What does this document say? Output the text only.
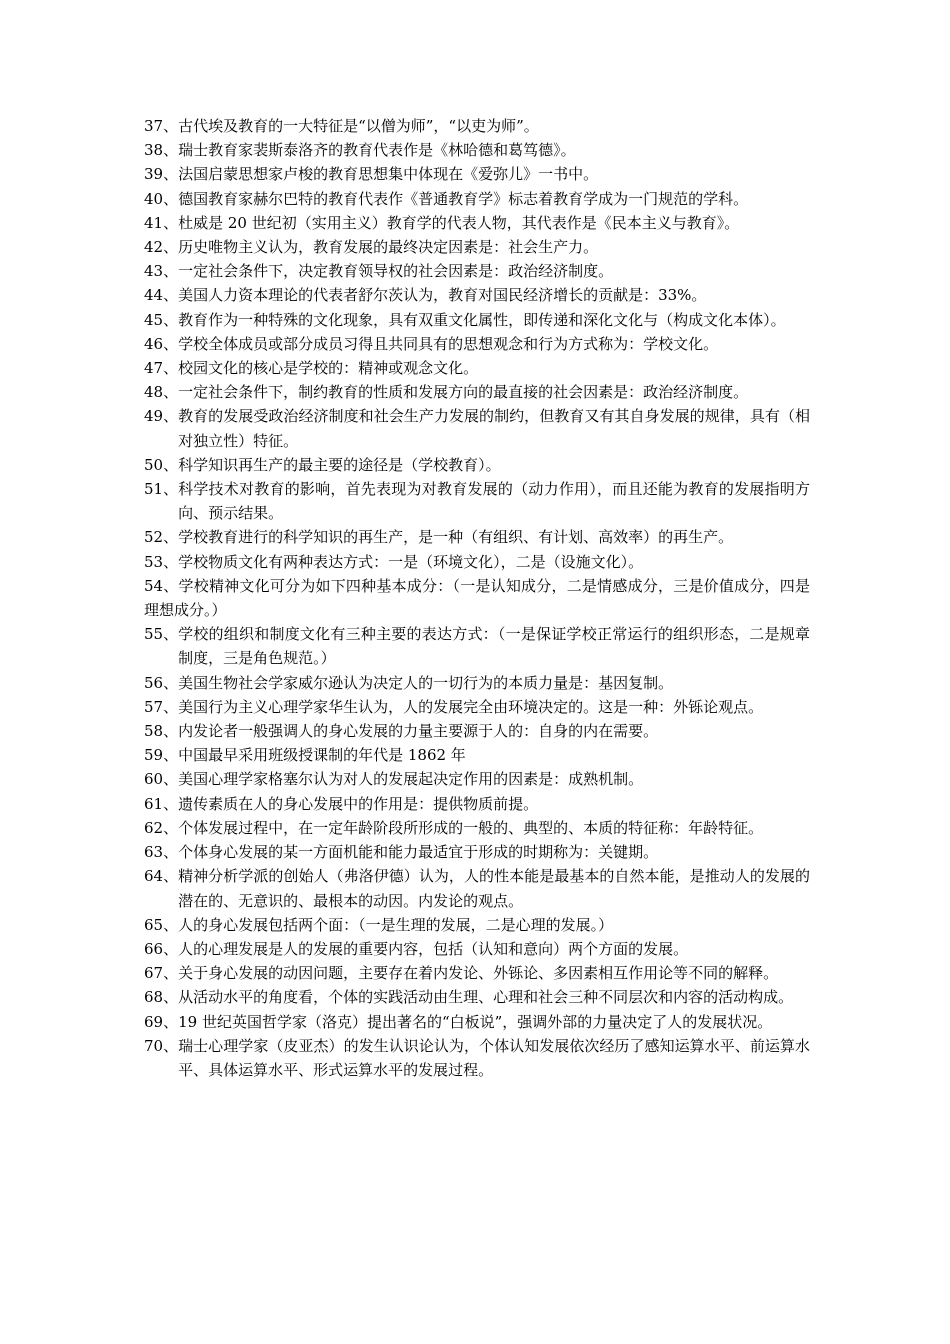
37、 古代埃及教育的一大特征是“以僧为师”，“以吏为师”。
38、 瑞士教育家裴斯泰洛齐的教育代表作是《林哈德和葛笃德》。
39、 法国启蒙思想家卢梭的教育思想集中体现在《爱弥儿》一书中。
40、 德国教育家赫尔巴特的教育代表作《普通教育学》标志着教育学成为一门规范的学科。
41、 杜威是 20 世纪初（实用主义）教育学的代表人物，其代表作是《民本主义与教育》。
42、 历史唯物主义认为，教育发展的最终决定因素是：社会生产力。
43、 一定社会条件下，决定教育领导权的社会因素是：政治经济制度。
44、 美国人力资本理论的代表者舒尔茨认为，教育对国民经济增长的贡献是：33%。
45、 教育作为一种特殊的文化现象，具有双重文化属性，即传递和深化文化与（构成文化本体）。
46、 学校全体成员或部分成员习得且共同具有的思想观念和行为方式称为：学校文化。
47、 校园文化的核心是学校的：精神或观念文化。
48、 一定社会条件下，制约教育的性质和发展方向的最直接的社会因素是：政治经济制度。
49、 教育的发展受政治经济制度和社会生产力发展的制约，但教育又有其自身发展的规律，具有（相对独立性）特征。
50、 科学知识再生产的最主要的途径是（学校教育）。
51、 科学技术对教育的影响，首先表现为对教育发展的（动力作用），而且还能为教育的发展指明方向、预示结果。
52、 学校教育进行的科学知识的再生产，是一种（有组织、有计划、高效率）的再生产。
53、 学校物质文化有两种表达方式：一是（环境文化），二是（设施文化）。
54、学校精神文化可分为如下四种基本成分：（一是认知成分，二是情感成分，三是价值成分，四是理想成分。）
55、 学校的组织和制度文化有三种主要的表达方式：（一是保证学校正常运行的组织形态，二是规章制度，三是角色规范。）
56、 美国生物社会学家威尔逊认为决定人的一切行为的本质力量是：基因复制。
57、 美国行为主义心理学家华生认为，人的发展完全由环境决定的。这是一种：外铄论观点。
58、 内发论者一般强调人的身心发展的力量主要源于人的：自身的内在需要。
59、 中国最早采用班级授课制的年代是 1862 年
60、 美国心理学家格塞尔认为对人的发展起决定作用的因素是：成熟机制。
61、 遗传素质在人的身心发展中的作用是：提供物质前提。
62、 个体发展过程中，在一定年龄阶段所形成的一般的、典型的、本质的特征称：年龄特征。
63、 个体身心发展的某一方面机能和能力最适宜于形成的时期称为：关键期。
64、 精神分析学派的创始人（弗洛伊德）认为，人的性本能是最基本的自然本能，是推动人的发展的潜在的、无意识的、最根本的动因。内发论的观点。
65、 人的身心发展包括两个面：（一是生理的发展，二是心理的发展。）
66、 人的心理发展是人的发展的重要内容，包括（认知和意向）两个方面的发展。
67、 关于身心发展的动因问题，主要存在着内发论、外铄论、多因素相互作用论等不同的解释。
68、 从活动水平的角度看，个体的实践活动由生理、心理和社会三种不同层次和内容的活动构成。
69、 19 世纪英国哲学家（洛克）提出著名的“白板说”，强调外部的力量决定了人的发展状况。
70、 瑞士心理学家（皮亚杰）的发生认识论认为，个体认知发展依次经历了感知运算水平、前运算水平、具体运算水平、形式运算水平的发展过程。
